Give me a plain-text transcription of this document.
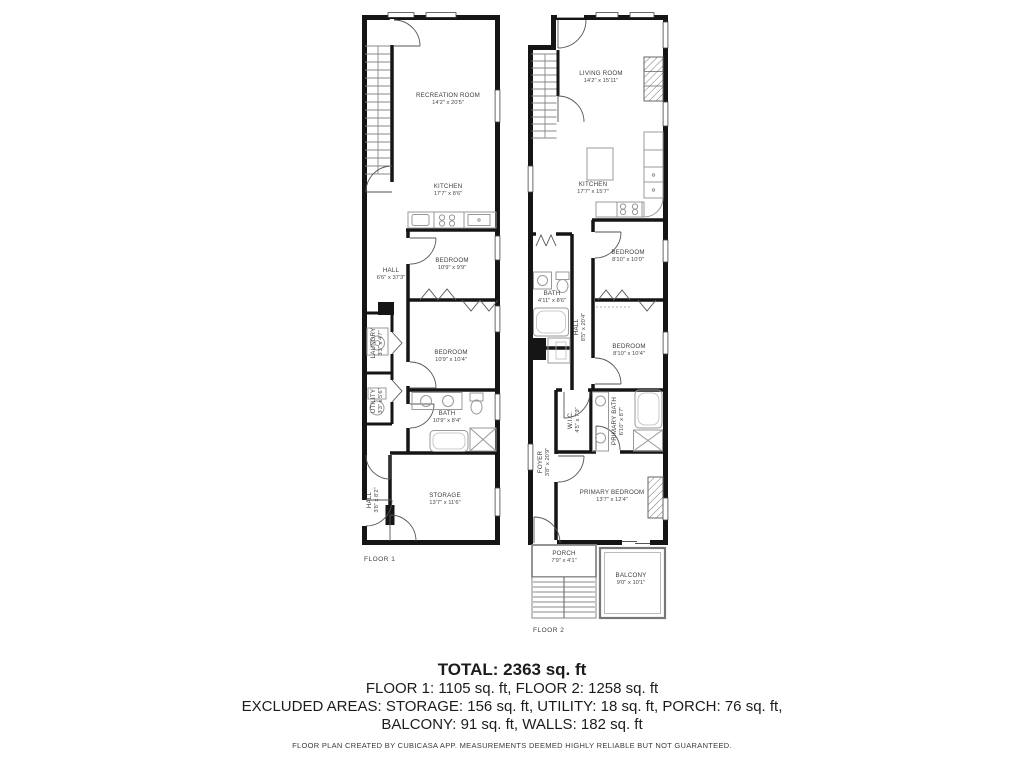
RECREATION ROOM
14'2" x 20'5"
KITCHEN
17'7" x 8'6"
HALL
6'6" x 37'3"
BEDROOM
10'9" x 9'9"
LAUNDRY 3'3" x 4'7"	BEDROOM
10'9" x 10'4"
UTILITY 3'3" x 5'6"	BATH
10'9" x 8'4"
STORAGE
13'7" x 11'6"
HALL 3'8" x 8'2"
FLOOR 1
LIVING ROOM
14'2" x 15'11"
KITCHEN
17'7" x 15'7"
BEDROOM
8'10" x 10'0"
BATH
4'11" x 8'6"
HALL 8'5" x 20'4"
BEDROOM
8'10" x 10'4"
W.I.C. 4'5" x 7'9"	PRIMARY BATH 6'10" x 8'7"
FOYER 3'8" x 20'9"
PRIMARY BEDROOM
13'7" x 12'4"
PORCH
7'9" x 4'1"
BALCONY
9'0" x 10'1"
FLOOR 2
TOTAL: 2363 sq. ft
FLOOR 1: 1105 sq. ft, FLOOR 2: 1258 sq. ft
EXCLUDED AREAS: STORAGE: 156 sq. ft, UTILITY: 18 sq. ft, PORCH: 76 sq. ft,
BALCONY: 91 sq. ft, WALLS: 182 sq. ft
FLOOR PLAN CREATED BY CUBICASA APP. MEASUREMENTS DEEMED HIGHLY RELIABLE BUT NOT GUARANTEED.
